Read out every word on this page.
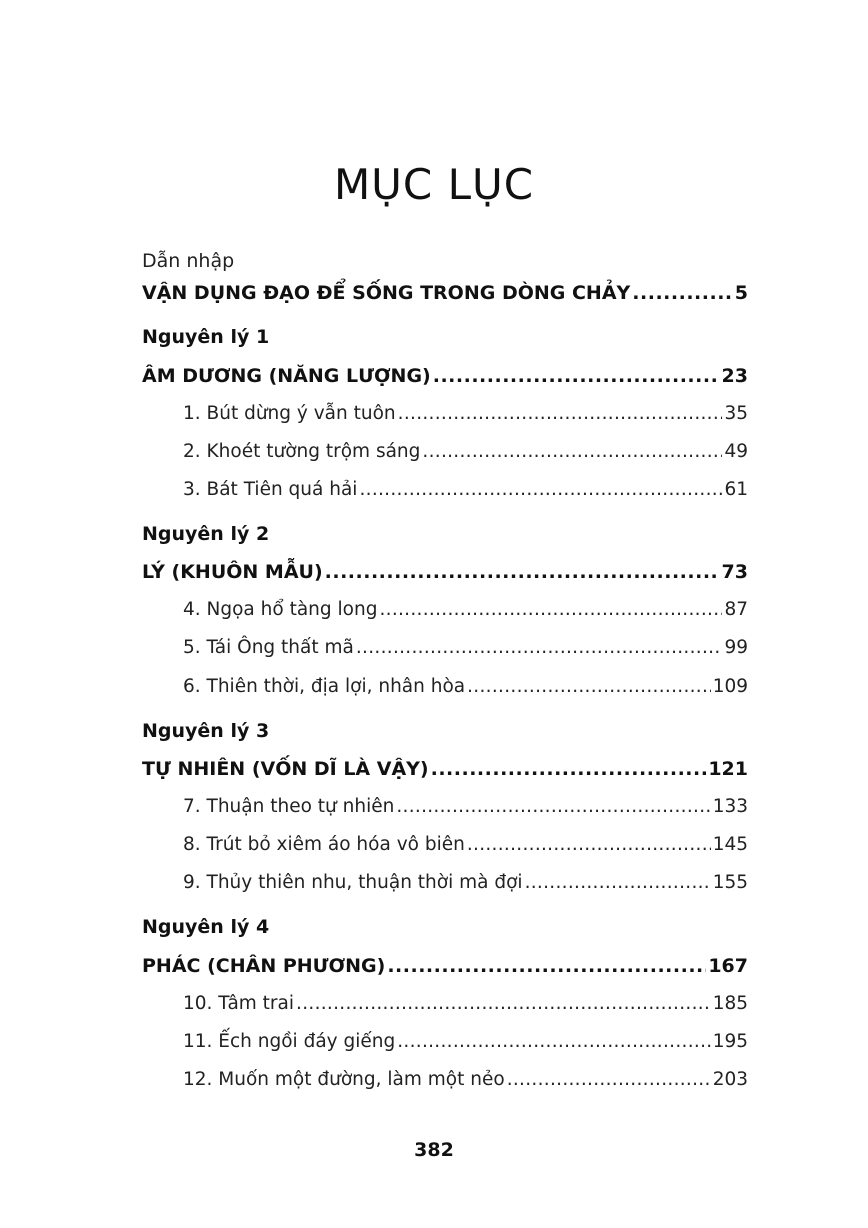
MỤC LỤC
Dẫn nhập
VẬN DỤNG ĐẠO ĐỂ SỐNG TRONG DÒNG CHẢY .....	5
Nguyên lý 1
ÂM DƯƠNG (NĂNG LƯỢNG) .....	23
1. Bút dừng ý vẫn tuôn .....	35
2. Khoét tường trộm sáng .....	49
3. Bát Tiên quá hải .....	61
Nguyên lý 2
LÝ (KHUÔN MẪU) .....	73
4. Ngọa hổ tàng long .....	87
5. Tái Ông thất mã .....	99
6. Thiên thời, địa lợi, nhân hòa .....	109
Nguyên lý 3
TỰ NHIÊN (VỐN DĨ LÀ VẬY) .....	121
7. Thuận theo tự nhiên .....	133
8. Trút bỏ xiêm áo hóa vô biên .....	145
9. Thủy thiên nhu, thuận thời mà đợi .....	155
Nguyên lý 4
PHÁC (CHÂN PHƯƠNG) .....	167
10. Tâm trai .....	185
11. Ếch ngồi đáy giếng .....	195
12. Muốn một đường, làm một nẻo .....	203
382
